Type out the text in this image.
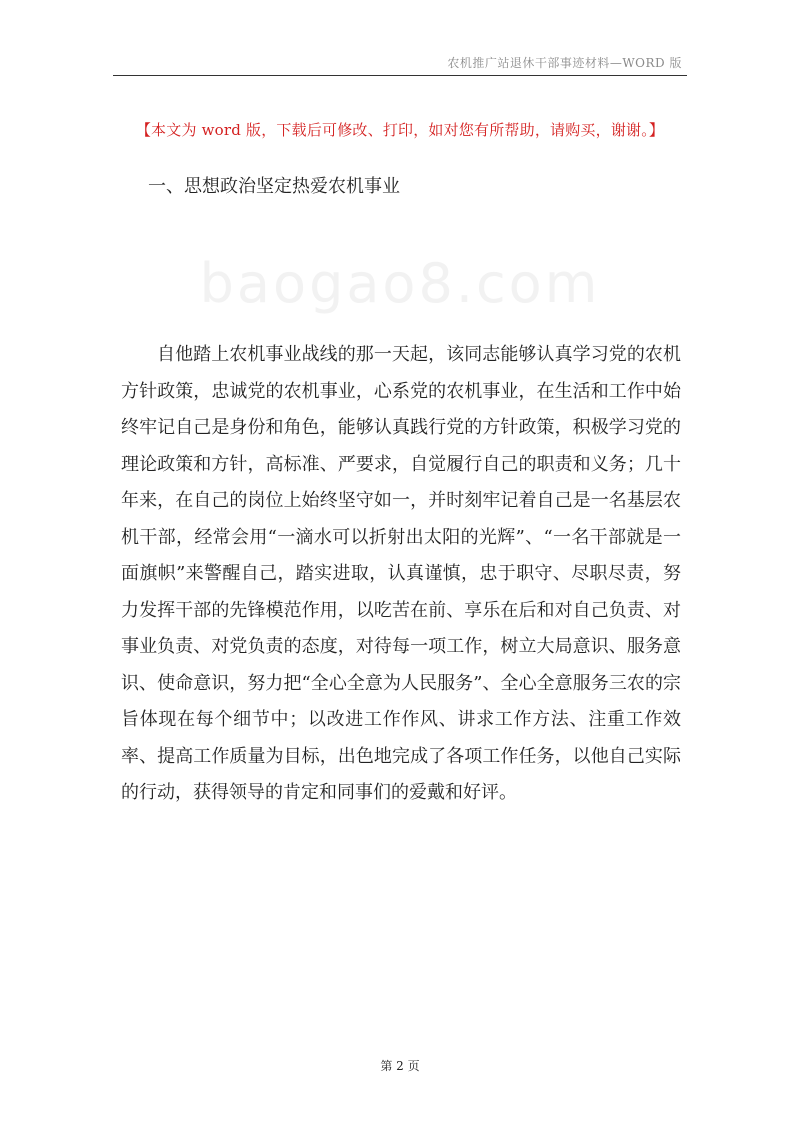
农机推广站退休干部事迹材料—WORD 版
【本文为 word 版，下载后可修改、打印，如对您有所帮助，请购买，谢谢。】
一、思想政治坚定热爱农机事业
baogao8.com

自他踏上农机事业战线的那一天起，该同志能够认真学习党的农机方针政策，忠诚党的农机事业，心系党的农机事业，在生活和工作中始终牢记自己是身份和角色，能够认真践行党的方针政策，积极学习党的理论政策和方针，高标准、严要求，自觉履行自己的职责和义务；几十年来，在自己的岗位上始终坚守如一，并时刻牢记着自己是一名基层农机干部，经常会用“一滴水可以折射出太阳的光辉”、“一名干部就是一面旗帜”来警醒自己，踏实进取，认真谨慎，忠于职守、尽职尽责，努力发挥干部的先锋模范作用，以吃苦在前、享乐在后和对自己负责、对事业负责、对党负责的态度，对待每一项工作，树立大局意识、服务意识、使命意识，努力把“全心全意为人民服务”、全心全意服务三农的宗旨体现在每个细节中；以改进工作作风、讲求工作方法、注重工作效率、提高工作质量为目标，出色地完成了各项工作任务，以他自己实际的行动，获得领导的肯定和同事们的爱戴和好评。

第 2 页
